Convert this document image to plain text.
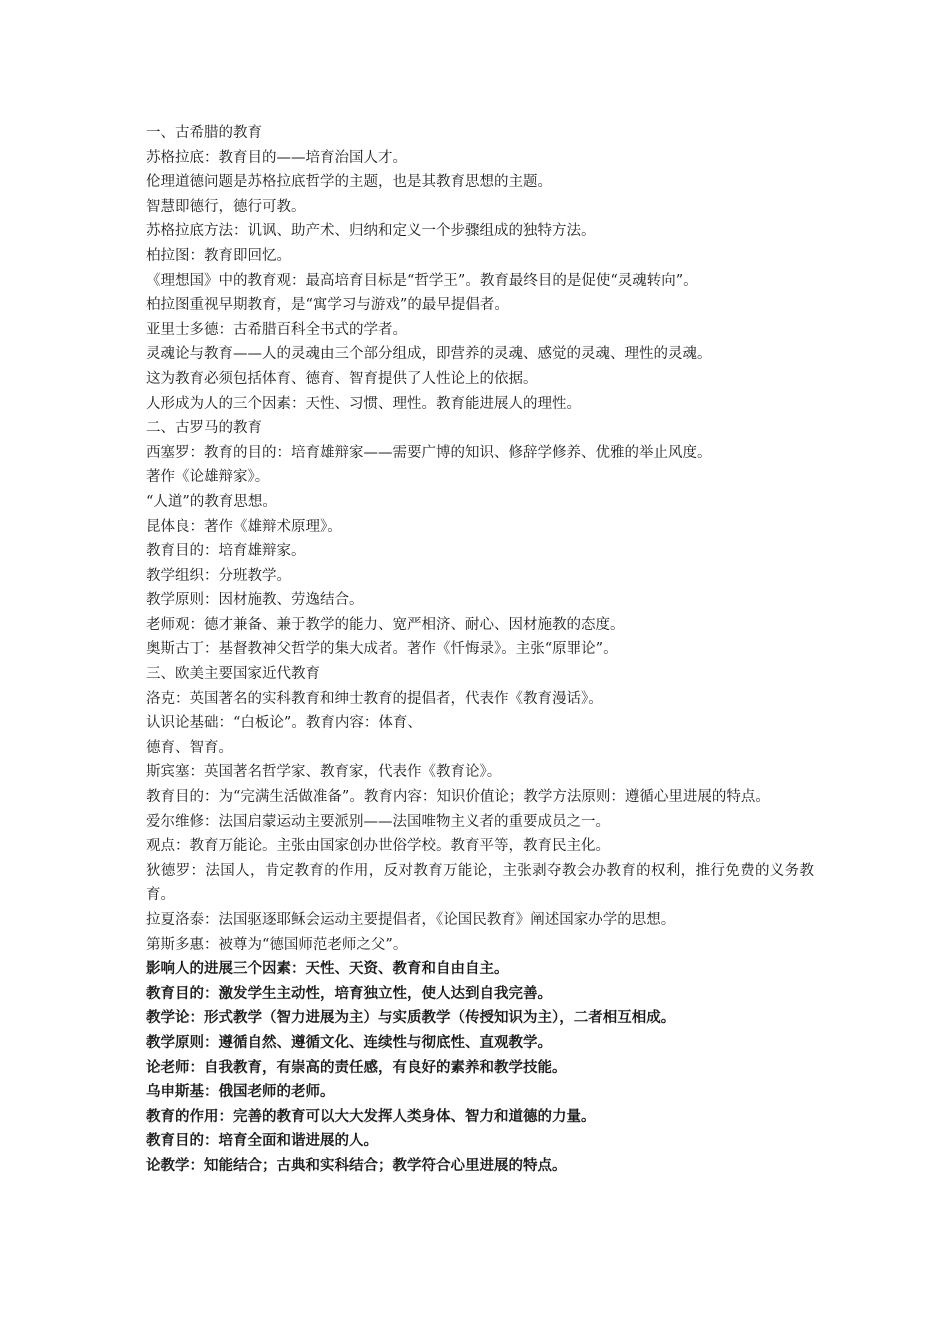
一、古希腊的教育
苏格拉底：教育目的——培育治国人才。
伦理道德问题是苏格拉底哲学的主题，也是其教育思想的主题。
智慧即德行，德行可教。
苏格拉底方法：讥讽、助产术、归纳和定义一个步骤组成的独特方法。
柏拉图：教育即回忆。
《理想国》中的教育观：最高培育目标是“哲学王”。教育最终目的是促使“灵魂转向”。
柏拉图重视早期教育，是“寓学习与游戏”的最早提倡者。
亚里士多德：古希腊百科全书式的学者。
灵魂论与教育——人的灵魂由三个部分组成，即营养的灵魂、感觉的灵魂、理性的灵魂。
这为教育必须包括体育、德育、智育提供了人性论上的依据。
人形成为人的三个因素：天性、习惯、理性。教育能进展人的理性。
二、古罗马的教育
西塞罗：教育的目的：培育雄辩家——需要广博的知识、修辞学修养、优雅的举止风度。
著作《论雄辩家》。
“人道”的教育思想。
昆体良：著作《雄辩术原理》。
教育目的：培育雄辩家。
教学组织：分班教学。
教学原则：因材施教、劳逸结合。
老师观：德才兼备、兼于教学的能力、宽严相济、耐心、因材施教的态度。
奥斯古丁：基督教神父哲学的集大成者。著作《忏悔录》。主张“原罪论”。
三、欧美主要国家近代教育
洛克：英国著名的实科教育和绅士教育的提倡者，代表作《教育漫话》。
认识论基础：“白板论”。教育内容：体育、
德育、智育。
斯宾塞：英国著名哲学家、教育家，代表作《教育论》。
教育目的：为“完满生活做准备”。教育内容：知识价值论；教学方法原则：遵循心里进展的特点。
爱尔维修：法国启蒙运动主要派别——法国唯物主义者的重要成员之一。
观点：教育万能论。主张由国家创办世俗学校。教育平等，教育民主化。
狄德罗：法国人，肯定教育的作用，反对教育万能论，主张剥夺教会办教育的权利，推行免费的义务教育。
拉夏洛泰：法国驱逐耶稣会运动主要提倡者，《论国民教育》阐述国家办学的思想。
第斯多惠：被尊为“德国师范老师之父”。
影响人的进展三个因素：天性、天资、教育和自由自主。
教育目的：激发学生主动性，培育独立性，使人达到自我完善。
教学论：形式教学（智力进展为主）与实质教学（传授知识为主），二者相互相成。
教学原则：遵循自然、遵循文化、连续性与彻底性、直观教学。
论老师：自我教育，有崇高的责任感，有良好的素养和教学技能。
乌申斯基：俄国老师的老师。
教育的作用：完善的教育可以大大发挥人类身体、智力和道德的力量。
教育目的：培育全面和谐进展的人。
论教学：知能结合；古典和实科结合；教学符合心里进展的特点。
